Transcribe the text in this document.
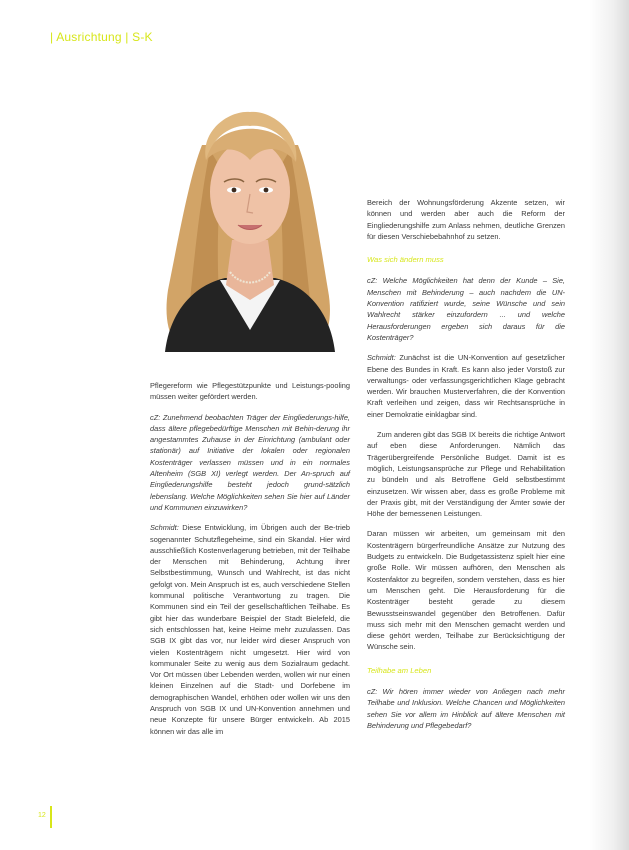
| Ausrichtung | S-K

Pflegereform wie Pflegestützpunkte und Leistungs-pooling müssen weiter gefördert werden.

cZ: Zunehmend beobachten Träger der Eingliederungs-hilfe, dass ältere pflegebedürftige Menschen mit Behin-derung ihr angestammtes Zuhause in der Einrichtung (ambulant oder stationär) auf Initiative der lokalen oder regionalen Kostenträger verlassen müssen und in ein normales Altenheim (SGB XI) verlegt werden. Der An-spruch auf Eingliederungshilfe besteht jedoch grund-sätzlich lebenslang. Welche Möglichkeiten sehen Sie hier auf Länder und Kommunen einzuwirken?

Schmidt: Diese Entwicklung, im Übrigen auch der Be-trieb sogenannter Schutzflegeheime, sind ein Skandal. Hier wird ausschließlich Kostenverlagerung betrieben, mit der Teilhabe der Menschen mit Behinderung, Achtung ihrer Selbstbestimmung, Wunsch und Wahlrecht, ist das nicht gefolgt von. Mein Anspruch ist es, auch verschiedene Stellen kommunal politische Verantwortung zu tragen. Die Kommunen sind ein Teil der gesellschaftlichen Teilhabe. Es gibt hier das wunderbare Beispiel der Stadt Bielefeld, die sich entschlossen hat, keine Heime mehr zuzulassen. Das SGB IX gibt das vor, nur leider wird dieser Anspruch von vielen Kostenträgern nicht umgesetzt. Hier wird von kommunaler Seite zu wenig aus dem Sozialraum gedacht. Vor Ort müssen über Lebenden werden, wollen wir nur einen kleinen Einzelnen auf die Stadt- und Dorfebene im demographischen Wandel, erhöhen oder wollen wir uns den Anspruch von SGB IX und UN-Konvention annehmen und neue Konzepte für unsere Bürger entwickeln. Ab 2015 können wir das alle im

Bereich der Wohnungsförderung Akzente setzen, wir können und werden aber auch die Reform der Eingliederungshilfe zum Anlass nehmen, deutliche Grenzen für diesen Verschiebebahnhof zu setzen.

Was sich ändern muss

cZ: Welche Möglichkeiten hat denn der Kunde – Sie, Menschen mit Behinderung – auch nachdem die UN-Konvention ratifiziert wurde, seine Wünsche und sein Wahlrecht stärker einzufordern ... und welche Herausforderungen ergeben sich daraus für die Kostenträger?

Schmidt: Zunächst ist die UN-Konvention auf gesetzlicher Ebene des Bundes in Kraft. Es kann also jeder Vorstoß zur verwaltungs- oder verfassungsgerichtlichen Klage gebracht werden. Wir brauchen Musterverfahren, die der Konvention Kraft verleihen und zeigen, dass wir Rechtsansprüche in einer Demokratie einklagbar sind.

Zum anderen gibt das SGB IX bereits die richtige Antwort auf eben diese Anforderungen. Nämlich das Trägerübergreifende Persönliche Budget. Damit ist es möglich, Leistungsansprüche zur Pflege und Rehabilitation zu bündeln und als Betroffene Geld selbstbestimmt einzusetzen. Wir wissen aber, dass es große Probleme mit der Praxis gibt, mit der Verständigung der Ämter sowie der Höhe der bemessenen Leistungen.

Daran müssen wir arbeiten, um gemeinsam mit den Kostenträgern bürgerfreundliche Ansätze zur Nutzung des Budgets zu entwickeln. Die Budgetassistenz spielt hier eine große Rolle. Wir müssen aufhören, den Menschen als Kostenfaktor zu begreifen, sondern verstehen, dass es hier um Menschen geht. Die Herausforderung für die Kostenträger besteht gerade zu diesem Bewusstseinswandel gegenüber den Betroffenen. Dafür muss sich mehr mit den Menschen gemacht werden und diese gehört werden, Teilhabe zur Berücksichtigung der Wünsche sein.

Teilhabe am Leben

cZ: Wir hören immer wieder von Anliegen nach mehr Teilhabe und Inklusion. Welche Chancen und Möglichkeiten sehen Sie vor allem im Hinblick auf ältere Menschen mit Behinderung und Pflegebedarf?

12
